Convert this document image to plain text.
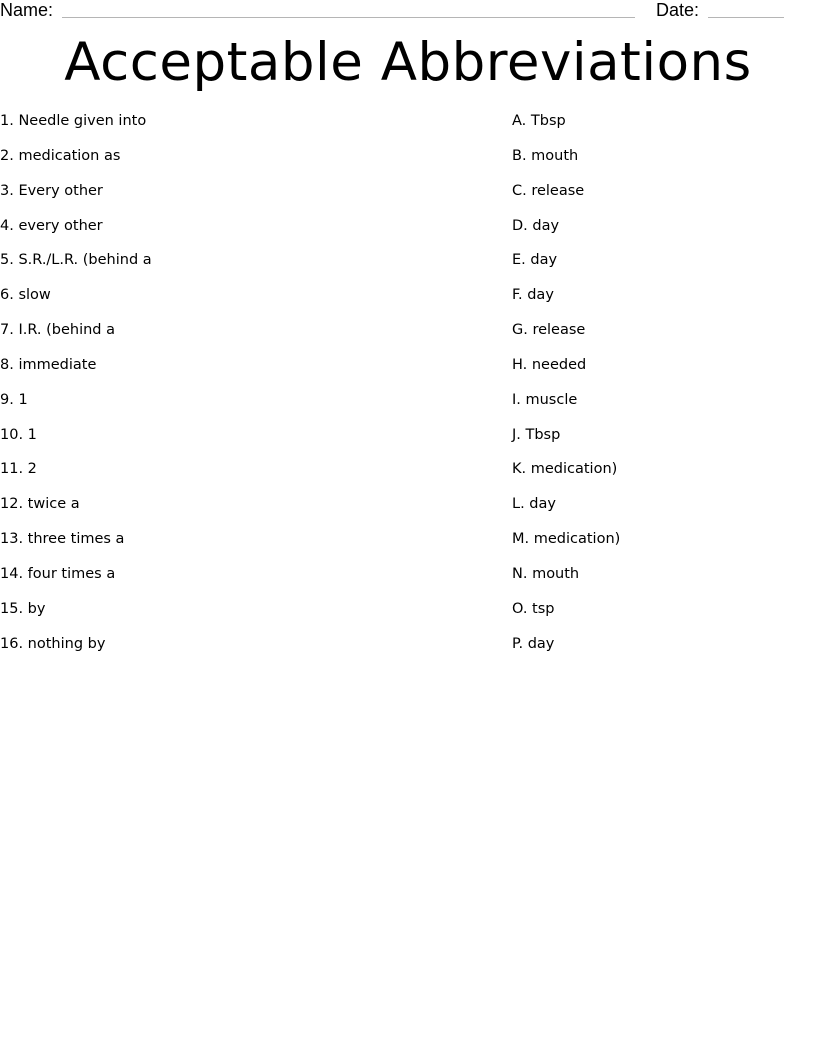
Name:	Date:
Acceptable Abbreviations
1. Needle given into
2. medication as
3. Every other
4. every other
5. S.R./L.R. (behind a
6. slow
7. I.R. (behind a
8. immediate
9. 1
10. 1
11. 2
12. twice a
13. three times a
14. four times a
15. by
16. nothing by
A. Tbsp
B. mouth
C. release
D. day
E. day
F. day
G. release
H. needed
I. muscle
J. Tbsp
K. medication)
L. day
M. medication)
N. mouth
O. tsp
P. day
